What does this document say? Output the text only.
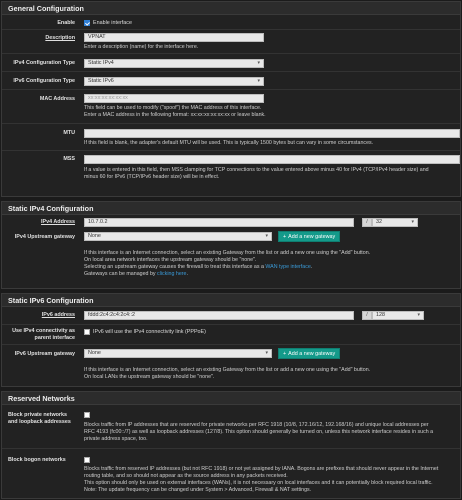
General Configuration
Enable	Enable interface
Description	VPNAT
Enter a description (name) for the interface here.
IPv4 Configuration Type	Static IPv4	▾
IPv6 Configuration Type	Static IPv6	▾
MAC Address	xx:xx:xx:xx:xx:xx
This field can be used to modify ("spoof") the MAC address of this interface.
Enter a MAC address in the following format: xx:xx:xx:xx:xx:xx or leave blank.
MTU
If this field is blank, the adapter's default MTU will be used. This is typically 1500 bytes but can vary in some circumstances.
MSS
If a value is entered in this field, then MSS clamping for TCP connections to the value entered above minus 40 for IPv4 (TCP/IPv4 header size) and
minus 60 for IPv6 (TCP/IPv6 header size) will be in effect.
Static IPv4 Configuration
IPv4 Address	10.7.0.2	/	32	▾
IPv4 Upstream gateway	None	▾	+ Add a new gateway
If this interface is an Internet connection, select an existing Gateway from the list or add a new one using the "Add" button.
On local area network interfaces the upstream gateway should be "none".
Selecting an upstream gateway causes the firewall to treat this interface as a WAN type interface.
Gateways can be managed by clicking here.
Static IPv6 Configuration
IPv6 address	fddd:2c4:2c4:2c4::2	/	128	▾
Use IPv4 connectivity as parent interface
IPv6 will use the IPv4 connectivity link (PPPoE)
IPv6 Upstream gateway	None	▾	+ Add a new gateway
If this interface is an Internet connection, select an existing Gateway from the list or add a new one using the "Add" button.
On local LANs the upstream gateway should be "none".
Reserved Networks
Block private networks and loopback addresses
Blocks traffic from IP addresses that are reserved for private networks per RFC 1918 (10/8, 172.16/12, 192.168/16) and unique local addresses per
RFC 4193 (fc00::/7) as well as loopback addresses (127/8). This option should generally be turned on, unless this network interface resides in such a
private address space, too.
Block bogon networks
Blocks traffic from reserved IP addresses (but not RFC 1918) or not yet assigned by IANA. Bogons are prefixes that should never appear in the Internet
routing table, and so should not appear as the source address in any packets received.
This option should only be used on external interfaces (WANs), it is not necessary on local interfaces and it can potentially block required local traffic.
Note: The update frequency can be changed under System > Advanced, Firewall & NAT settings.
